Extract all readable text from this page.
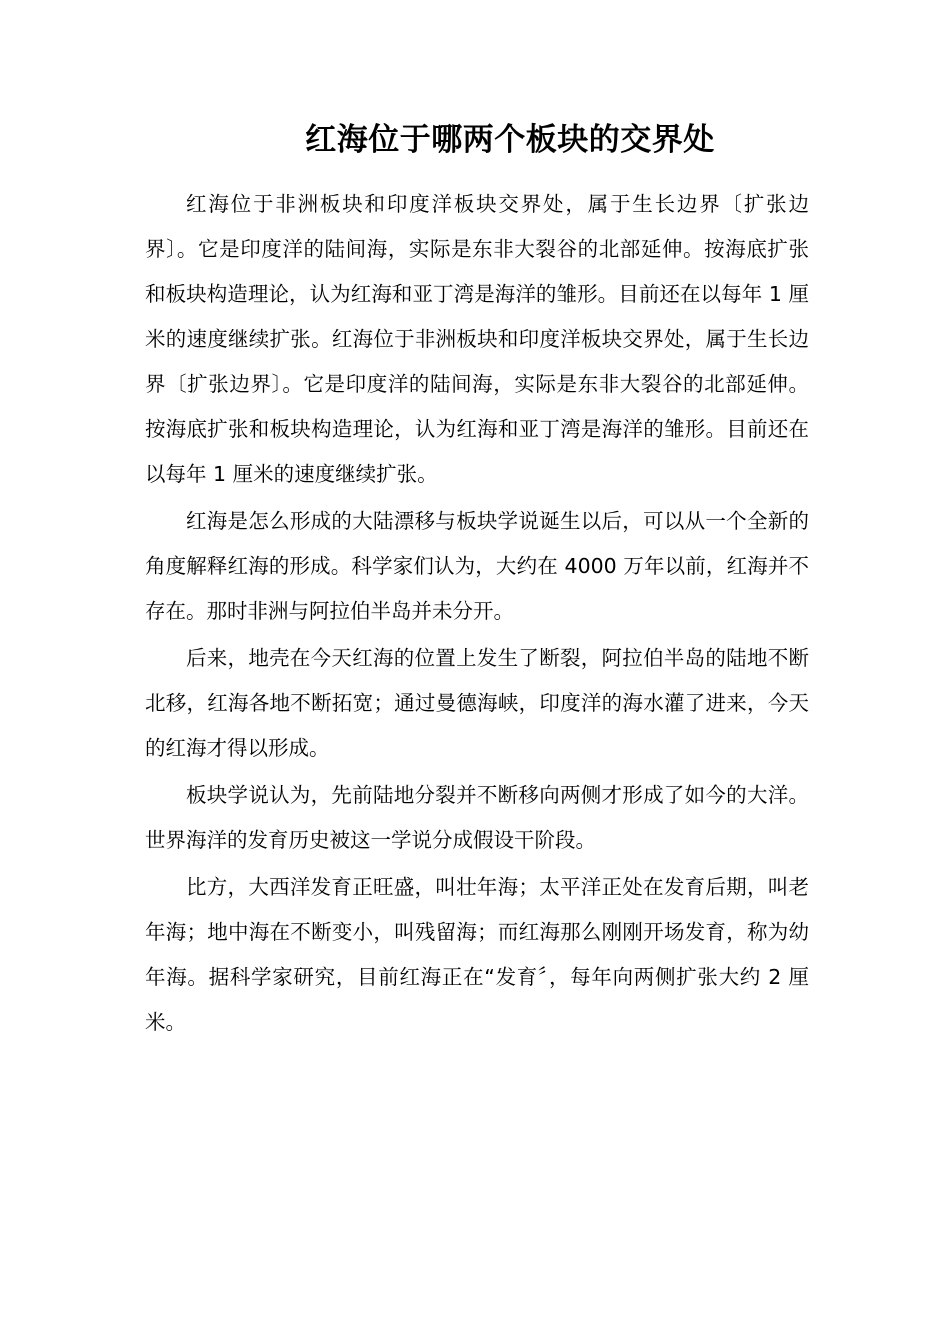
红海位于哪两个板块的交界处

红海位于非洲板块和印度洋板块交界处，属于生长边界〔扩张边界〕。它是印度洋的陆间海，实际是东非大裂谷的北部延伸。按海底扩张和板块构造理论，认为红海和亚丁湾是海洋的雏形。目前还在以每年 1 厘米的速度继续扩张。红海位于非洲板块和印度洋板块交界处，属于生长边界〔扩张边界〕。它是印度洋的陆间海，实际是东非大裂谷的北部延伸。按海底扩张和板块构造理论，认为红海和亚丁湾是海洋的雏形。目前还在以每年 1 厘米的速度继续扩张。

红海是怎么形成的大陆漂移与板块学说诞生以后，可以从一个全新的角度解释红海的形成。科学家们认为，大约在 4000 万年以前，红海并不存在。那时非洲与阿拉伯半岛并未分开。

后来，地壳在今天红海的位置上发生了断裂，阿拉伯半岛的陆地不断北移，红海各地不断拓宽；通过曼德海峡，印度洋的海水灌了进来，今天的红海才得以形成。

板块学说认为，先前陆地分裂并不断移向两侧才形成了如今的大洋。世界海洋的发育历史被这一学说分成假设干阶段。

比方，大西洋发育正旺盛，叫壮年海；太平洋正处在发育后期，叫老年海；地中海在不断变小，叫残留海；而红海那么刚刚开场发育，称为幼年海。据科学家研究，目前红海正在“发育〞，每年向两侧扩张大约 2 厘米。
